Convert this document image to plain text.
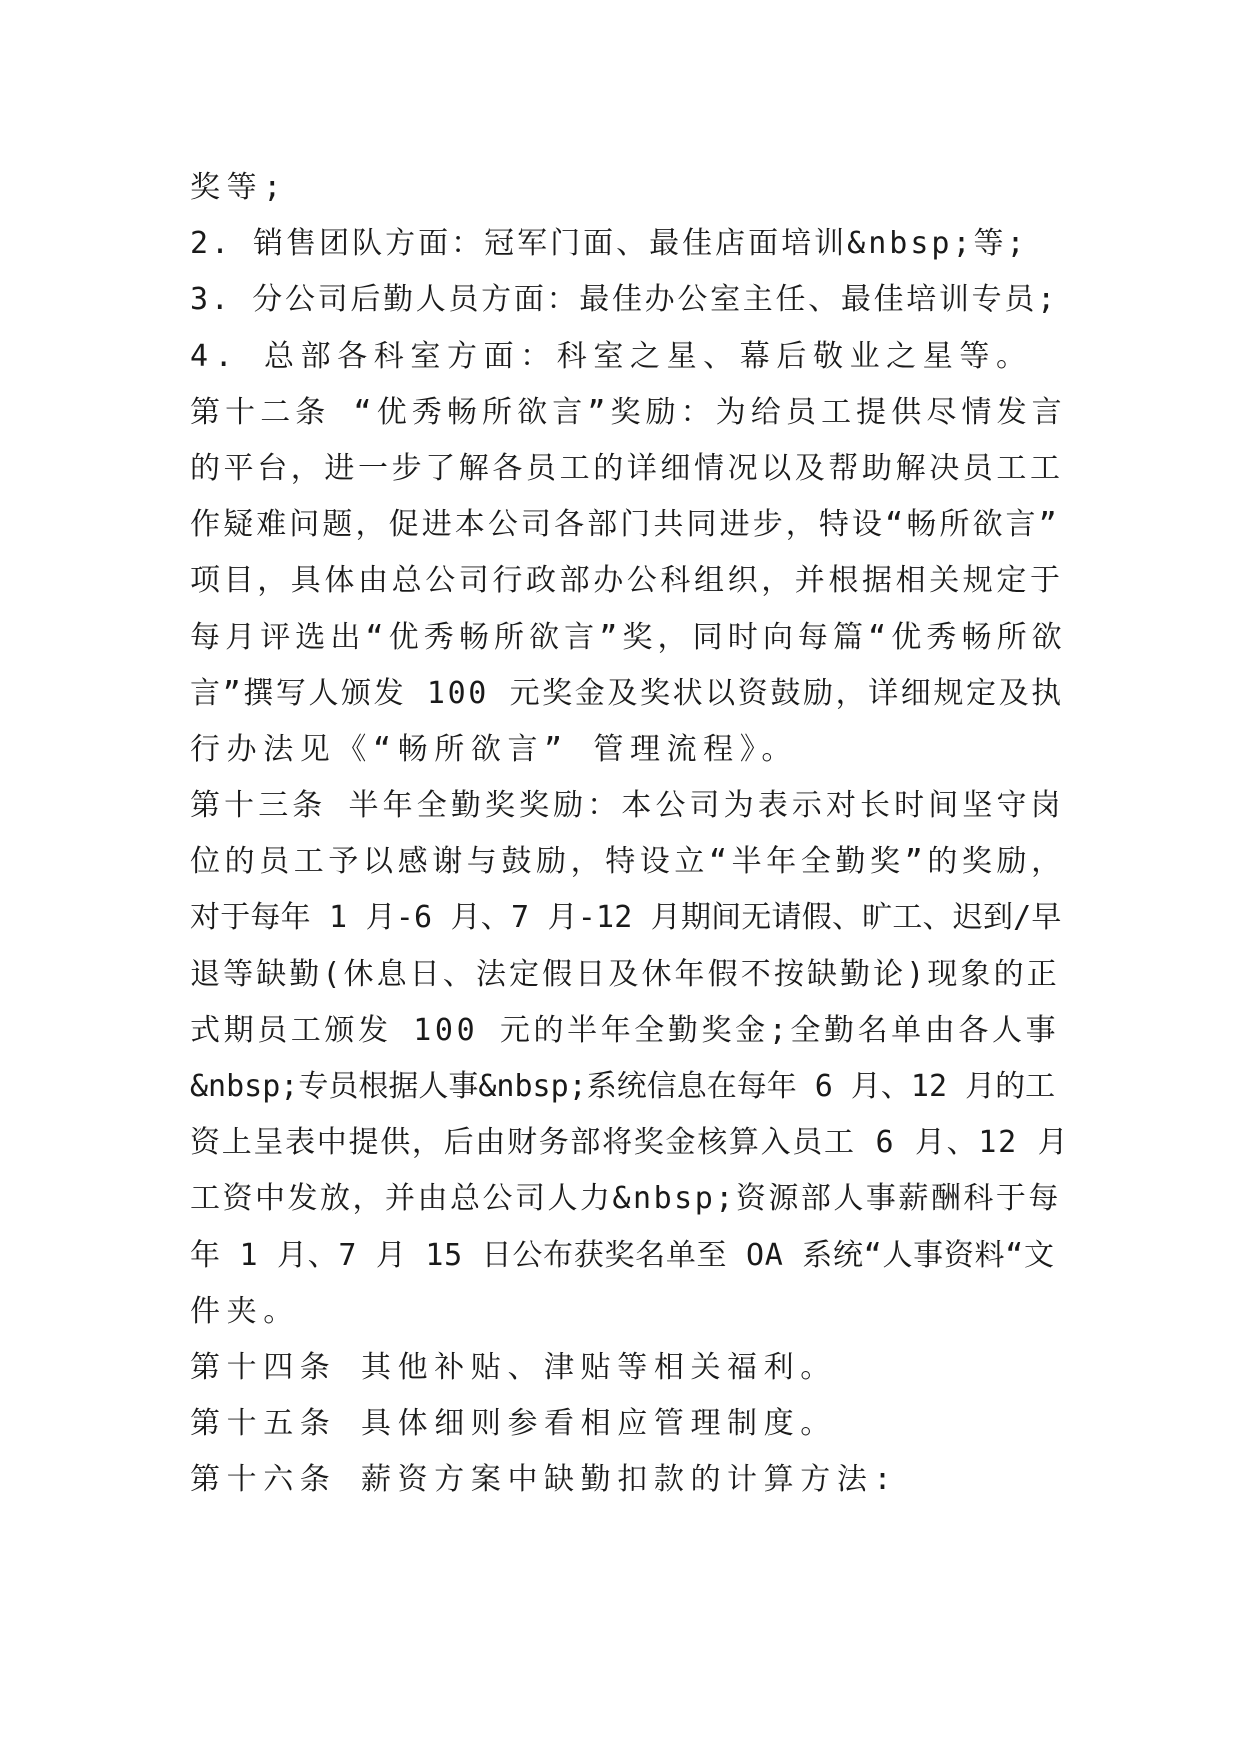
奖等;
2. 销售团队方面：冠军门面、最佳店面培训&nbsp;等;
3. 分公司后勤人员方面：最佳办公室主任、最佳培训专员;
4. 总部各科室方面：科室之星、幕后敬业之星等。
第十二条 “优秀畅所欲言”奖励：为给员工提供尽情发言
的平台，进一步了解各员工的详细情况以及帮助解决员工工
作疑难问题，促进本公司各部门共同进步，特设“畅所欲言”
项目，具体由总公司行政部办公科组织，并根据相关规定于
每月评选出“优秀畅所欲言”奖，同时向每篇“优秀畅所欲
言”撰写人颁发 100 元奖金及奖状以资鼓励，详细规定及执
行办法见《“畅所欲言” 管理流程》。
第十三条 半年全勤奖奖励：本公司为表示对长时间坚守岗
位的员工予以感谢与鼓励，特设立“半年全勤奖”的奖励，
对于每年 1 月-6 月、7 月-12 月期间无请假、旷工、迟到/早
退等缺勤(休息日、法定假日及休年假不按缺勤论)现象的正
式期员工颁发 100 元的半年全勤奖金;全勤名单由各人事
&nbsp;专员根据人事&nbsp;系统信息在每年 6 月、12 月的工
资上呈表中提供，后由财务部将奖金核算入员工 6 月、12 月
工资中发放，并由总公司人力&nbsp;资源部人事薪酬科于每
年 1 月、7 月 15 日公布获奖名单至 OA 系统“人事资料“文
件夹。
第十四条 其他补贴、津贴等相关福利。
第十五条 具体细则参看相应管理制度。
第十六条 薪资方案中缺勤扣款的计算方法:
